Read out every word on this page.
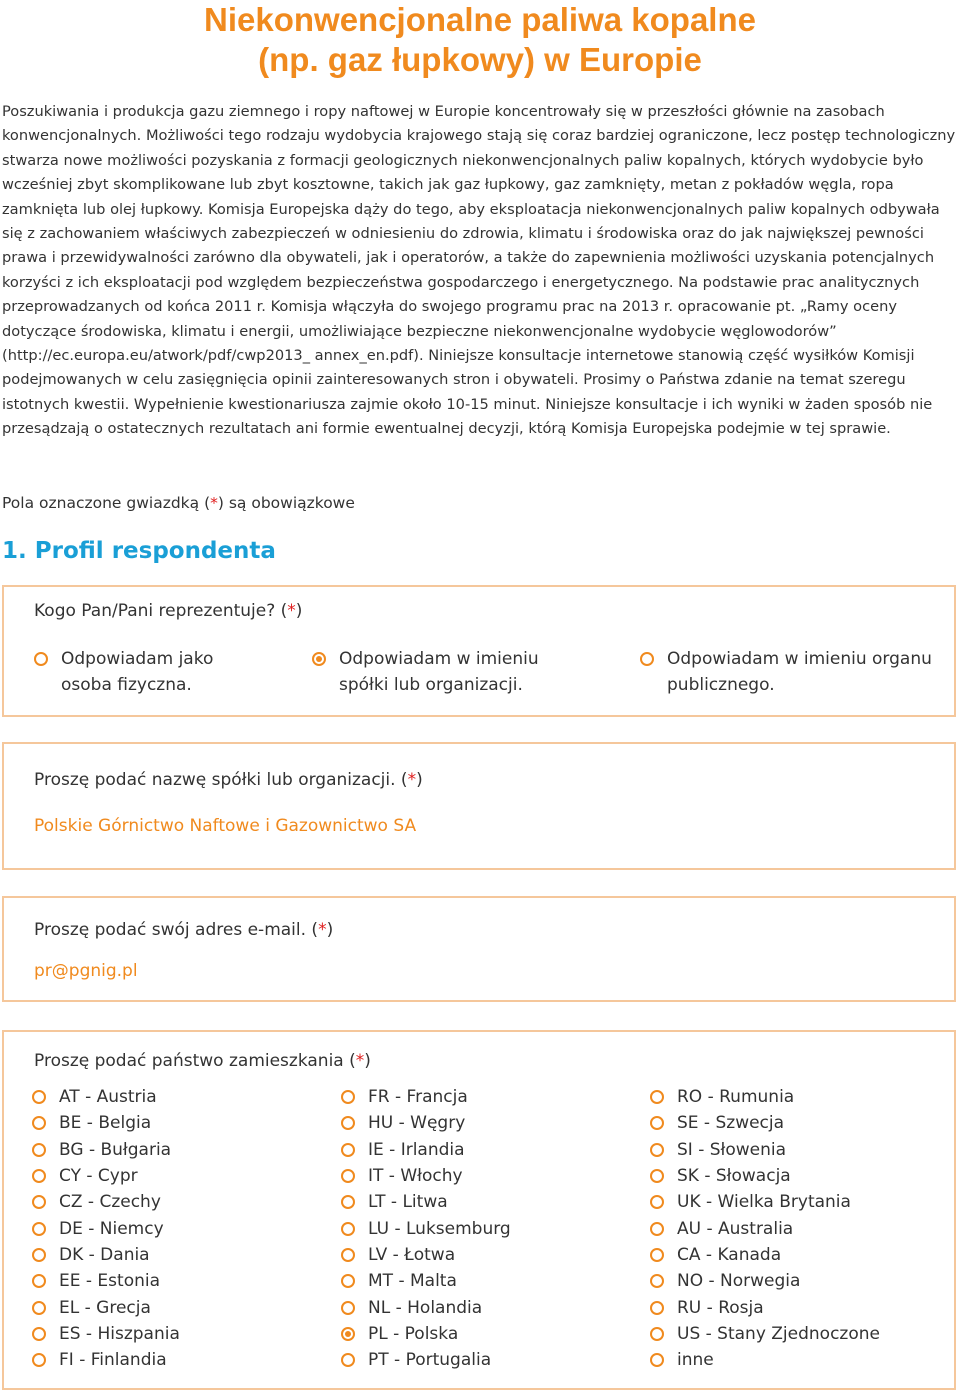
Niekonwencjonalne paliwa kopalne
(np. gaz łupkowy) w Europie

Poszukiwania i produkcja gazu ziemnego i ropy naftowej w Europie koncentrowały się w przeszłości głównie na zasobach konwencjonalnych. Możliwości tego rodzaju wydobycia krajowego stają się coraz bardziej ograniczone, lecz postęp technologiczny stwarza nowe możliwości pozyskania z formacji geologicznych niekonwencjonalnych paliw kopalnych, których wydobycie było wcześniej zbyt skomplikowane lub zbyt kosztowne, takich jak gaz łupkowy, gaz zamknięty, metan z pokładów węgla, ropa zamknięta lub olej łupkowy. Komisja Europejska dąży do tego, aby eksploatacja niekonwencjonalnych paliw kopalnych odbywała się z zachowaniem właściwych zabezpieczeń w odniesieniu do zdrowia, klimatu i środowiska oraz do jak największej pewności prawa i przewidywalności zarówno dla obywateli, jak i operatorów, a także do zapewnienia możliwości uzyskania potencjalnych korzyści z ich eksploatacji pod względem bezpieczeństwa gospodarczego i energetycznego. Na podstawie prac analitycznych przeprowadzanych od końca 2011 r. Komisja włączyła do swojego programu prac na 2013 r. opracowanie pt. „Ramy oceny dotyczące środowiska, klimatu i energii, umożliwiające bezpieczne niekonwencjonalne wydobycie węglowodorów” (http://ec.europa.eu/atwork/pdf/cwp2013_ annex_en.pdf). Niniejsze konsultacje internetowe stanowią część wysiłków Komisji podejmowanych w celu zasięgnięcia opinii zainteresowanych stron i obywateli. Prosimy o Państwa zdanie na temat szeregu istotnych kwestii. Wypełnienie kwestionariusza zajmie około 10-15 minut. Niniejsze konsultacje i ich wyniki w żaden sposób nie przesądzają o ostatecznych rezultatach ani formie ewentualnej decyzji, którą Komisja Europejska podejmie w tej sprawie.

Pola oznaczone gwiazdką (*) są obowiązkowe
1. Profil respondenta
Kogo Pan/Pani reprezentuje? (*)
Odpowiadam jako
osoba fizyczna.
Odpowiadam w imieniu
spółki lub organizacji.
Odpowiadam w imieniu organu
publicznego.
Proszę podać nazwę spółki lub organizacji. (*)
Polskie Górnictwo Naftowe i Gazownictwo SA
Proszę podać swój adres e-mail. (*)
pr@pgnig.pl
Proszę podać państwo zamieszkania (*)
AT - Austria
BE - Belgia
BG - Bułgaria
CY - Cypr
CZ - Czechy
DE - Niemcy
DK - Dania
EE - Estonia
EL - Grecja
ES - Hiszpania
FI - Finlandia
FR - Francja
HU - Węgry
IE - Irlandia
IT - Włochy
LT - Litwa
LU - Luksemburg
LV - Łotwa
MT - Malta
NL - Holandia
PL - Polska
PT - Portugalia
RO - Rumunia
SE - Szwecja
SI - Słowenia
SK - Słowacja
UK - Wielka Brytania
AU - Australia
CA - Kanada
NO - Norwegia
RU - Rosja
US - Stany Zjednoczone
inne
